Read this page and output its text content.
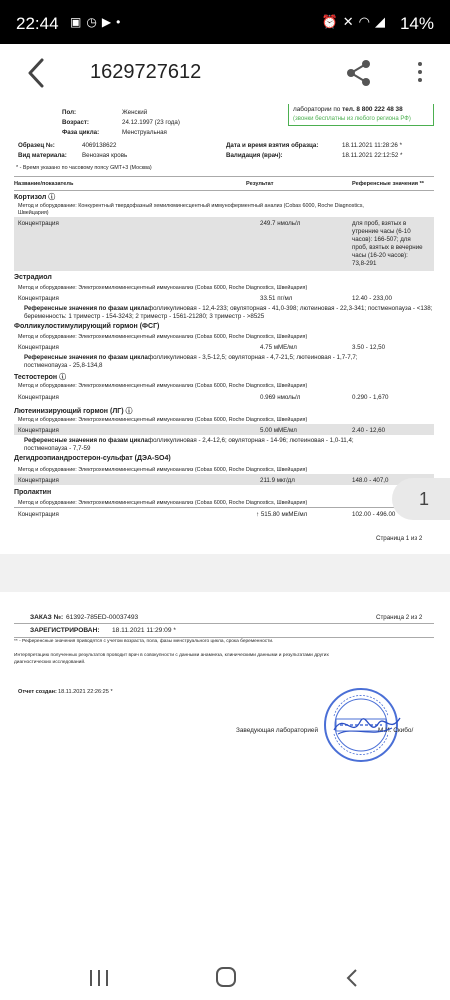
22:44 ▣◷▶•	⏰✕◠◢ 14%
1629727612
лаборатории по тел. 8 800 222 48 38
(звонки бесплатны из любого региона РФ)
Пол:	Женский
Возраст:	24.12.1997 (23 года)
Фаза цикла:	Менструальная
Образец №:	4069138622
Вид материала: Венозная кровь
Дата и время взятия образца:	18.11.2021 11:28:26 *
Валидация (врач):	18.11.2021 22:12:52 *
* - Время указано по часовому поясу GMT+3 (Москва)
Название/показатель	Результат	Референсные значения **
Кортизол ⓘ
Метод и оборудование: Конкурентный твердофазный хемилюминесцентный иммуноферментный анализ (Cobas 6000, Roche Diagnostics,
Швейцария)
Концентрация	249.7 нмоль/л	для проб, взятых в
утренние часы (6-10
часов): 166-507; для
проб, взятых в вечерние
часы (16-20 часов):
73,8-291
Эстрадиол
Метод и оборудование: Электрохемилюминесцентный иммуноанализ (Cobas 6000, Roche Diagnostics, Швейцария)
Концентрация	33.51 пг/мл	12.40 - 233,00
Референсные значения по фазам цикла:
фолликулиновая - 12,4-233; овуляторная - 41,0-398; лютеиновая - 22,3-341; постменопауза - <138;
беременность: 1 триместр - 154-3243; 2 триместр - 1561-21280; 3 триместр - >8525
Фолликулостимулирующий гормон (ФСГ)
Метод и оборудование: Электрохемилюминесцентный иммуноанализ (Cobas 6000, Roche Diagnostics, Швейцария)
Концентрация	4.75 мМЕ/мл	3.50 - 12,50
Референсные значения по фазам цикла:
фолликулиновая - 3,5-12,5; овуляторная - 4,7-21,5; лютеиновая - 1,7-7,7;
постменопауза - 25,8-134,8
Тестостерон ⓘ
Метод и оборудование: Электрохемилюминесцентный иммуноанализ (Cobas 6000, Roche Diagnostics, Швейцария)
Концентрация	0.969 нмоль/л	0.290 - 1,670
Лютеинизирующий гормон (ЛГ) ⓘ
Метод и оборудование: Электрохемилюминесцентный иммуноанализ (Cobas 6000, Roche Diagnostics, Швейцария)
Концентрация	5.00 мМЕ/мл	2.40 - 12,60
Референсные значения по фазам цикла:
фолликулиновая - 2,4-12,6; овуляторная - 14-96; лютеиновая - 1,0-11,4;
постменопауза - 7,7-59
Дегидроэпиандростерон-сульфат (ДЭА-SO4)
Метод и оборудование: Электрохемилюминесцентный иммуноанализ (Cobas 6000, Roche Diagnostics, Швейцария)
Концентрация	211.9 мкг/дл	148.0 - 407,0
Пролактин
Метод и оборудование: Электрохемилюминесцентный иммуноанализ (Cobas 6000, Roche Diagnostics, Швейцария)
Концентрация	↑ 515.80 мкМЕ/мл	102.00 - 496.00
Страница 1 из 2
ЗАКАЗ №: 61392-785ED-00037493	Страница 2 из 2
ЗАРЕГИСТРИРОВАН: 18.11.2021 11:29:09 *
** - Референсные значения приводятся с учетом возраста, пола, фазы менструального цикла, срока беременности.
Интерпретацию полученных результатов проводит врач в совокупности с данными анамнеза, клиническими данными и результатами других
диагностических исследований.
Отчет создан: 18.11.2021 22:26:25 *
Заведующая лабораторией	М.И. Скибо/
1
